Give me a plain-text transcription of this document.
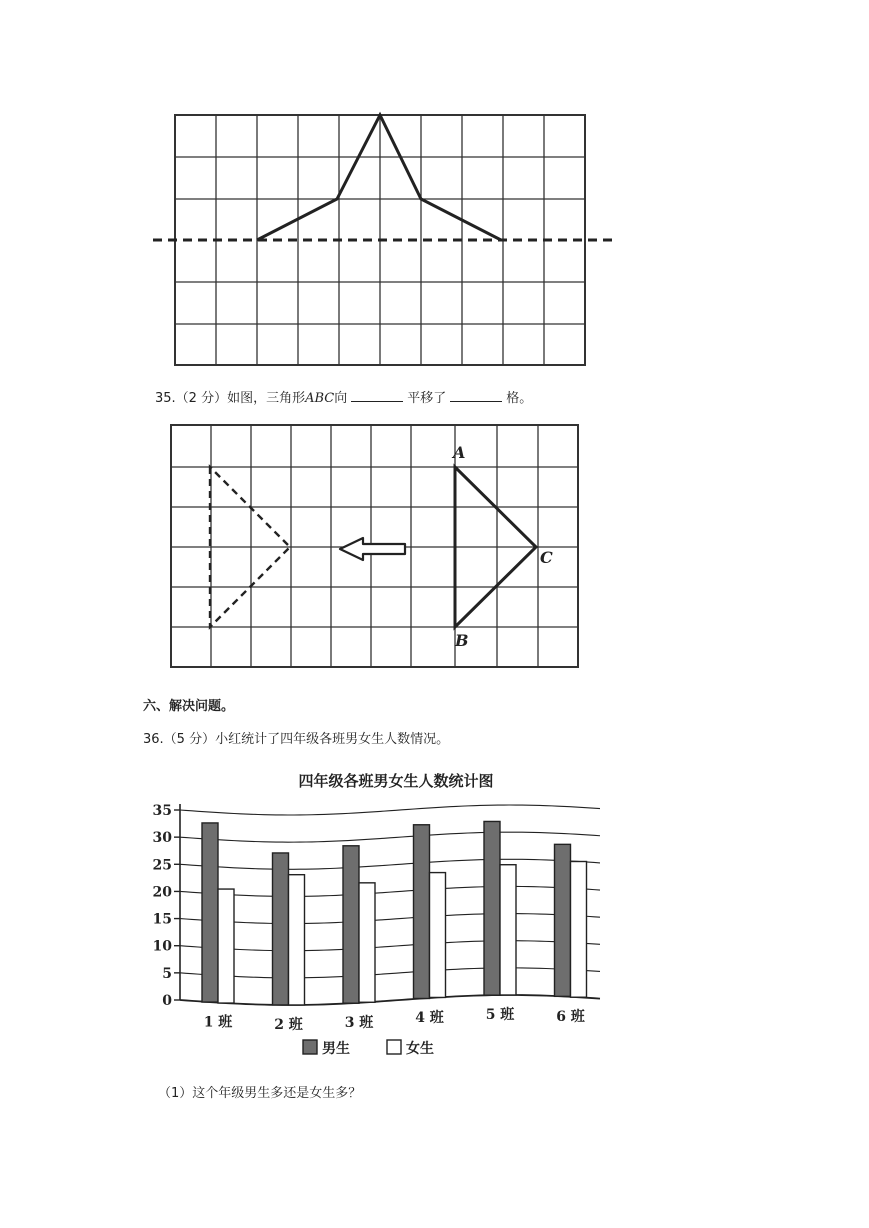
35.（2 分）如图，三角形ABC向	平移了	格。
A
B
C
六、解决问题。
36.（5 分）小红统计了四年级各班男女生人数情况。
四年级各班男女生人数统计图
0
5
10
15
20
25
30
35
1 班	2 班	3 班	4 班	5 班	6 班
男生	女生
（1）这个年级男生多还是女生多？
